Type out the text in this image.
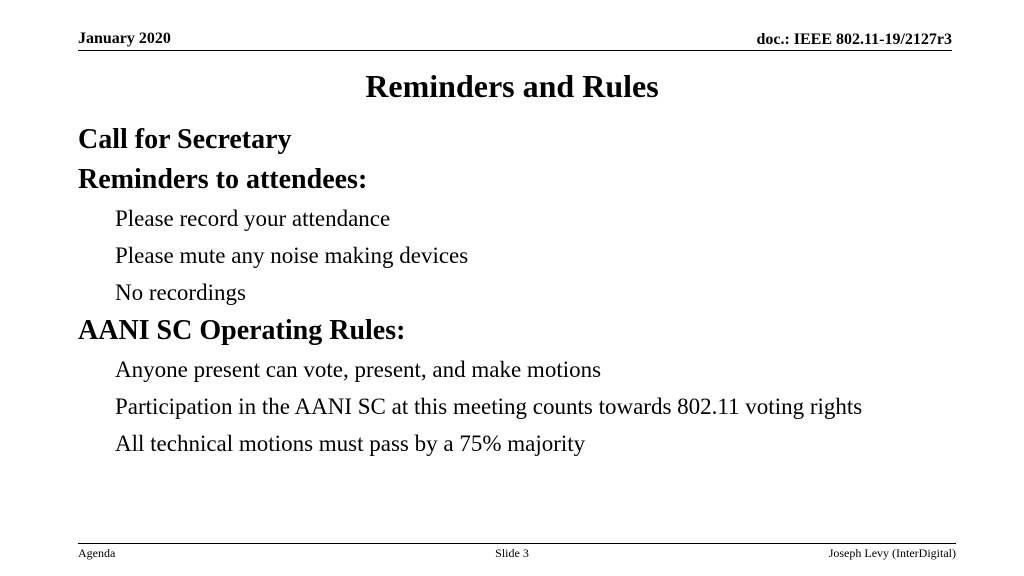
January 2020	doc.: IEEE 802.11-19/2127r3
Reminders and Rules
Call for Secretary
Reminders to attendees:
Please record your attendance
Please mute any noise making devices
No recordings
AANI SC Operating Rules:
Anyone present can vote, present, and make motions
Participation in the AANI SC at this meeting counts towards 802.11 voting rights
All technical motions must pass by a 75% majority
Agenda	Slide 3	Joseph Levy (InterDigital)
